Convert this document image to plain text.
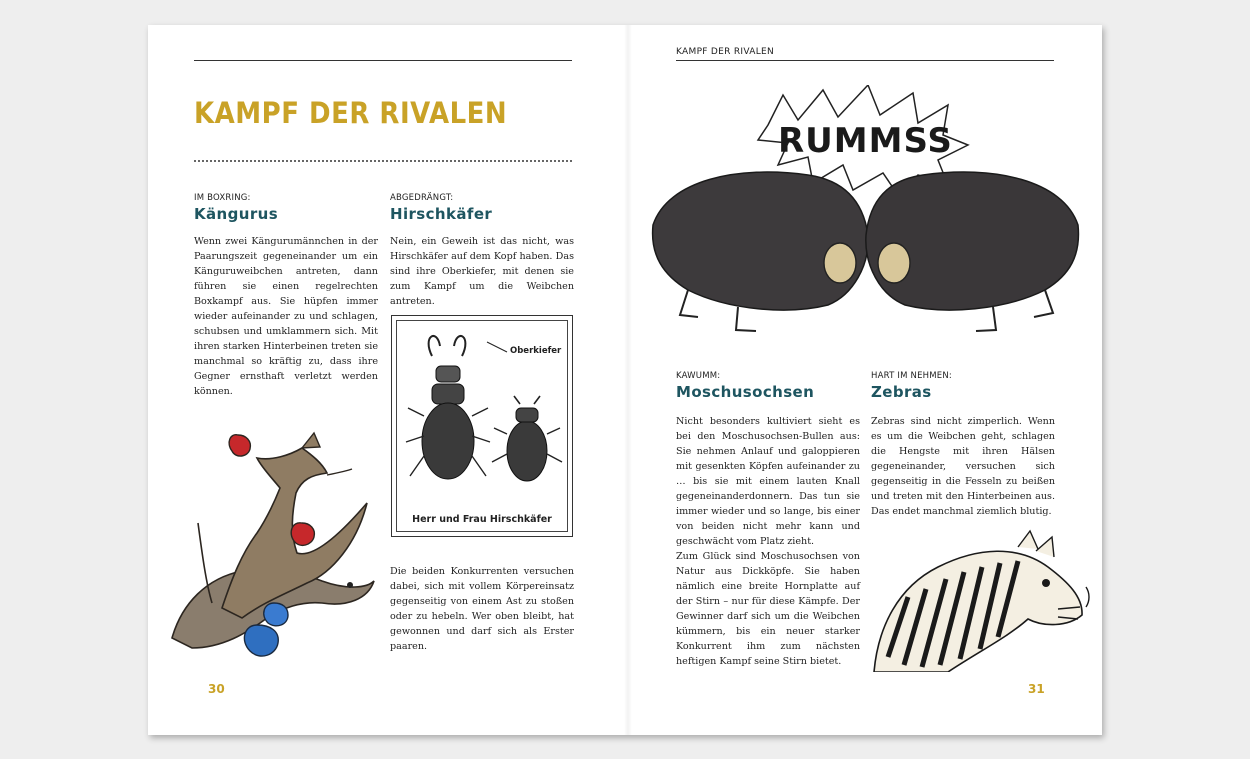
KAMPF DER RIVALEN
IM BOXRING:
Kängurus

Wenn zwei Kängurumännchen in der Paarungszeit gegeneinander um ein Känguruweibchen antreten, dann führen sie einen regelrechten Boxkampf aus. Sie hüpfen immer wieder aufeinander zu und schlagen, schubsen und umklammern sich. Mit ihren starken Hinterbeinen treten sie manchmal so kräftig zu, dass ihre Gegner ernsthaft verletzt werden können.

ABGEDRÄNGT:
Hirschkäfer

Nein, ein Geweih ist das nicht, was Hirschkäfer auf dem Kopf haben. Das sind ihre Oberkiefer, mit denen sie zum Kampf um die Weibchen antreten.

Oberkiefer
Herr und Frau Hirschkäfer

Die beiden Konkurrenten versuchen dabei, sich mit vollem Körpereinsatz gegenseitig von einem Ast zu stoßen oder zu hebeln. Wer oben bleibt, hat gewonnen und darf sich als Erster paaren.

30
KAMPF DER RIVALEN
RUMMSS
KAWUMM:
Moschusochsen

Nicht besonders kultiviert sieht es bei den Moschusochsen-Bullen aus: Sie nehmen Anlauf und galoppieren mit gesenkten Köpfen aufeinander zu … bis sie mit einem lauten Knall gegeneinanderdonnern. Das tun sie immer wieder und so lange, bis einer von beiden nicht mehr kann und geschwächt vom Platz zieht.

Zum Glück sind Moschusochsen von Natur aus Dickköpfe. Sie haben nämlich eine breite Hornplatte auf der Stirn – nur für diese Kämpfe. Der Gewinner darf sich um die Weibchen kümmern, bis ein neuer starker Konkurrent ihm zum nächsten heftigen Kampf seine Stirn bietet.

HART IM NEHMEN:
Zebras

Zebras sind nicht zimperlich. Wenn es um die Weibchen geht, schlagen die Hengste mit ihren Hälsen gegeneinander, versuchen sich gegenseitig in die Fesseln zu beißen und treten mit den Hinterbeinen aus. Das endet manchmal ziemlich blutig.

31
